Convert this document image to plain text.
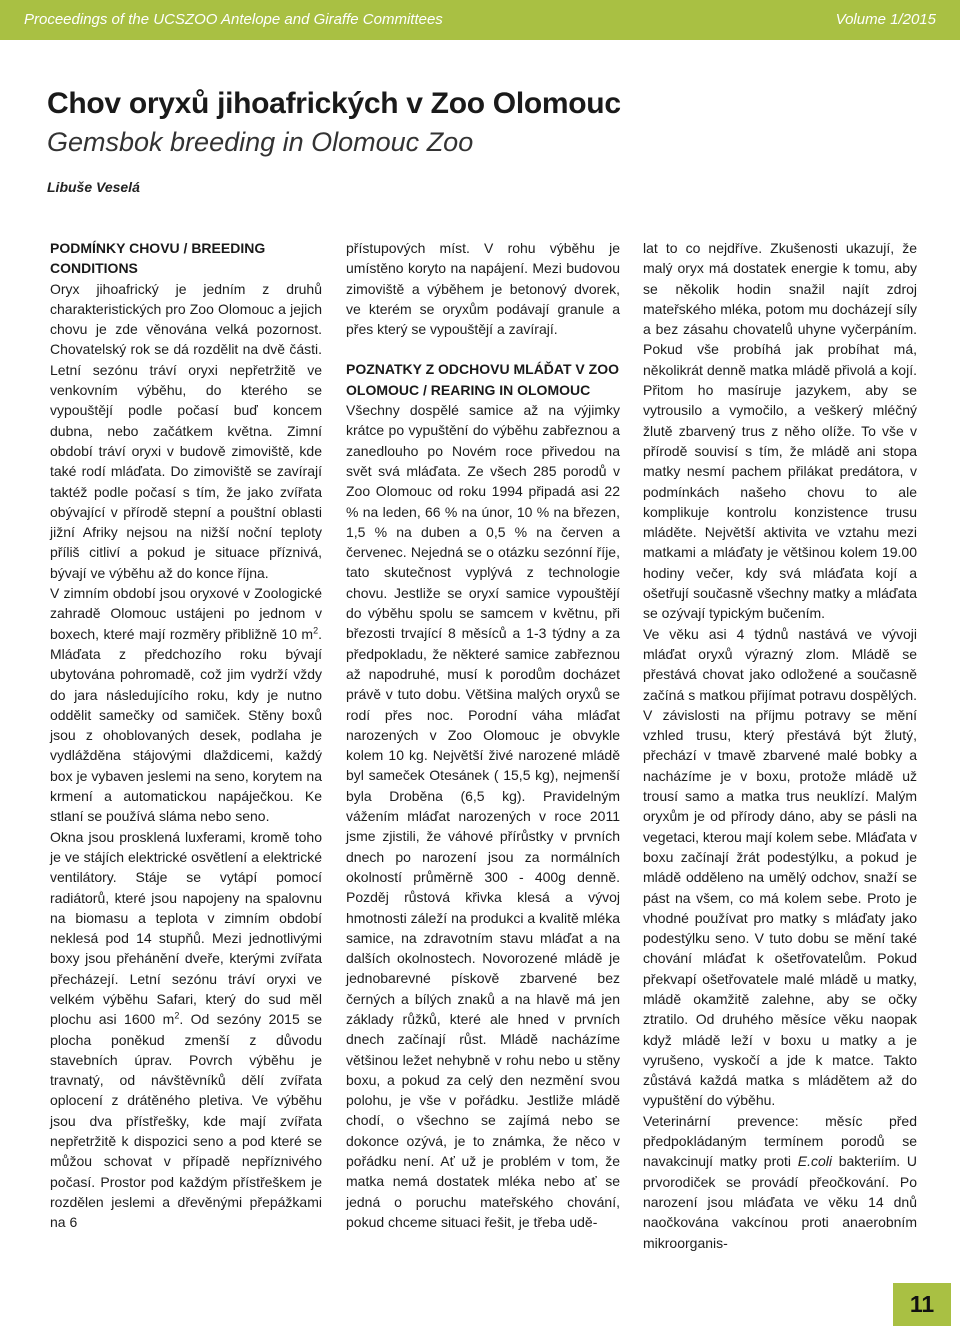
Proceedings of the UCSZOO Antelope and Giraffe Committees	Volume 1/2015
Chov oryxů jihoafrických v Zoo Olomouc
Gemsbok breeding in Olomouc Zoo
Libuše Veselá

PODMÍNKY CHOVU / BREEDING CONDITIONS

Oryx jihoafrický je jedním z druhů charakteristických pro Zoo Olomouc a jejich chovu je zde věnována velká pozornost. Chovatelský rok se dá rozdělit na dvě části. Letní sezónu tráví oryxi nepřetržitě ve venkovním výběhu, do kterého se vypouštějí podle počasí buď koncem dubna, nebo začátkem května. Zimní období tráví oryxi v budově zimoviště, kde také rodí mláďata. Do zimoviště se zavírají taktéž podle počasí s tím, že jako zvířata obývající v přírodě stepní a pouštní oblasti jižní Afriky nejsou na nižší noční teploty příliš citliví a pokud je situace příznivá, bývají ve výběhu až do konce října.

V zimním období jsou oryxové v Zoologické zahradě Olomouc ustájeni po jednom v boxech, které mají rozměry přibližně 10 $m^2$. Mláďata z předchozího roku bývají ubytována pohromadě, což jim vydrží vždy do jara následujícího roku, kdy je nutno oddělit samečky od samiček. Stěny boxů jsou z ohoblovaných desek, podlaha je vydlážděna stájovými dlaždicemi, každý box je vybaven jeslemi na seno, korytem na krmení a automatickou napáječkou. Ke stlaní se používá sláma nebo seno.

Okna jsou prosklená luxferami, kromě toho je ve stájích elektrické osvětlení a elektrické ventilátory. Stáje se vytápí pomocí radiátorů, které jsou napojeny na spalovnu na biomasu a teplota v zimním období neklesá pod 14 stupňů. Mezi jednotlivými boxy jsou přehánění dveře, kterými zvířata přecházejí. Letní sezónu tráví oryxi ve velkém výběhu Safari, který do sud měl plochu asi 1600 $m^2$. Od sezóny 2015 se plocha poněkud zmenší z důvodu stavebních úprav. Povrch výběhu je travnatý, od návštěvníků dělí zvířata oplocení z drátěného pletiva. Ve výběhu jsou dva přístřešky, kde mají zvířata nepřetržitě k dispozici seno a pod které se můžou schovat v případě nepříznivého počasí. Prostor pod každým přístřeškem je rozdělen jeslemi a dřevěnými přepážkami na 6

přístupových míst. V rohu výběhu je umístěno koryto na napájení. Mezi budovou zimoviště a výběhem je betonový dvorek, ve kterém se oryxům podávají granule a přes který se vypouštějí a zavírají.

POZNATKY Z ODCHOVU MLÁĎAT V ZOO OLOMOUC / REARING IN OLOMOUC

Všechny dospělé samice až na výjimky krátce po vypuštění do výběhu zabřeznou a zanedlouho po Novém roce přivedou na svět svá mláďata. Ze všech 285 porodů v Zoo Olomouc od roku 1994 připadá asi 22 % na leden, 66 % na únor, 10 % na březen, 1,5 % na duben a 0,5 % na červen a červenec. Nejedná se o otázku sezónní říje, tato skutečnost vyplývá z technologie chovu. Jestliže se oryxí samice vypouštějí do výběhu spolu se samcem v květnu, při březosti trvající 8 měsíců a 1-3 týdny a za předpokladu, že některé samice zabřeznou až napodruhé, musí k porodům docházet právě v tuto dobu. Většina malých oryxů se rodí přes noc. Porodní váha mláďat narozených v Zoo Olomouc je obvykle kolem 10 kg. Největší živé narozené mládě byl sameček Otesánek ( 15,5 kg), nejmenší byla Droběna (6,5 kg). Pravidelným vážením mláďat narozených v roce 2011 jsme zjistili, že váhové přírůstky v prvních dnech po narození jsou za normálních okolností průměrně 300 - 400g denně. Pozděj růstová křivka klesá a vývoj hmotnosti záleží na produkci a kvalitě mléka samice, na zdravotním stavu mláďat a na dalších okolnostech. Novorozené mládě je jednobarevné pískově zbarvené bez černých a bílých znaků a na hlavě má jen základy růžků, které ale hned v prvních dnech začínají růst. Mládě nacházíme většinou ležet nehybně v rohu nebo u stěny boxu, a pokud za celý den nezmění svou polohu, je vše v pořádku. Jestliže mládě chodí, o všechno se zajímá nebo se dokonce ozývá, je to známka, že něco v pořádku není. Ať už je problém v tom, že matka nemá dostatek mléka nebo ať se jedná o poruchu mateřského chování, pokud chceme situaci řešit, je třeba udě-

lat to co nejdříve. Zkušenosti ukazují, že malý oryx má dostatek energie k tomu, aby se několik hodin snažil najít zdroj mateřského mléka, potom mu docházejí síly a bez zásahu chovatelů uhyne vyčerpáním. Pokud vše probíhá jak probíhat má, několikrát denně matka mládě přivolá a kojí. Přitom ho masíruje jazykem, aby se vytrousilo a vymočilo, a veškerý mléčný žlutě zbarvený trus z něho olíže. To vše v přírodě souvisí s tím, že mládě ani stopa matky nesmí pachem přilákat predátora, v podmínkách našeho chovu to ale komplikuje kontrolu konzistence trusu mláděte. Největší aktivita ve vztahu mezi matkami a mláďaty je většinou kolem 19.00 hodiny večer, kdy svá mláďata kojí a ošetřují současně všechny matky a mláďata se ozývají typickým bučením.

Ve věku asi 4 týdnů nastává ve vývoji mláďat oryxů výrazný zlom. Mládě se přestává chovat jako odložené a současně začíná s matkou přijímat potravu dospělých. V závislosti na příjmu potravy se mění vzhled trusu, který přestává být žlutý, přechází v tmavě zbarvené malé bobky a nacházíme je v boxu, protože mládě už trousí samo a matka trus neuklízí. Malým oryxům je od přírody dáno, aby se pásli na vegetaci, kterou mají kolem sebe. Mláďata v boxu začínají žrát podestýlku, a pokud je mládě odděleno na umělý odchov, snaží se pást na všem, co má kolem sebe. Proto je vhodné používat pro matky s mláďaty jako podestýlku seno. V tuto dobu se mění také chování mláďat k ošetřovatelům. Pokud překvapí ošetřovatele malé mládě u matky, mládě okamžitě zalehne, aby se očky ztratilo. Od druhého měsíce věku naopak když mládě leží v boxu u matky a je vyrušeno, vyskočí a jde k matce. Takto zůstává každá matka s mládětem až do vypuštění do výběhu.

Veterinární prevence: měsíc před předpokládaným termínem porodů se navakcinují matky proti E.coli bakteriím. U prvorodiček se provádí přeočkování. Po narození jsou mláďata ve věku 14 dnů naočkována vakcínou proti anaerobním mikroorganis-

11
